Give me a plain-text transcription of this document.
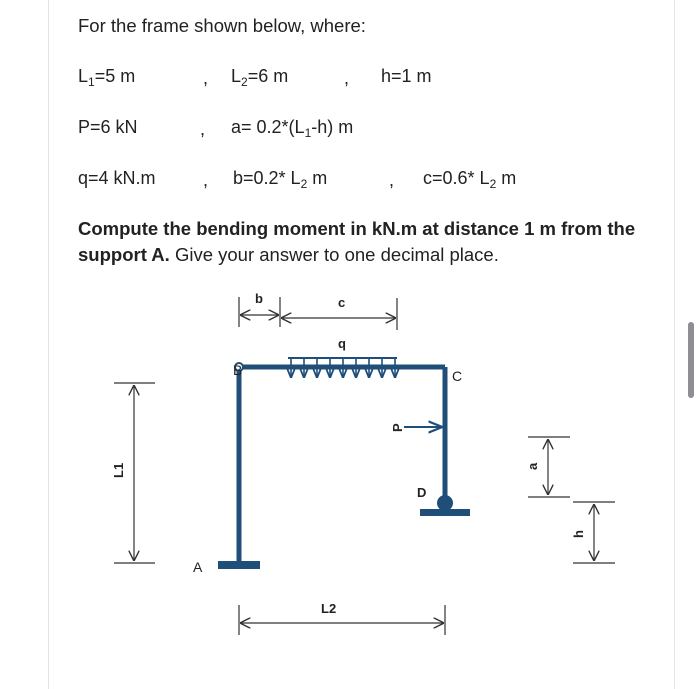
For the frame shown below, where:
$L_1=5$ m	, $L_2=6$ m	, h=1 m
P=6 kN	, $a= 0.2*(L_1-h)$ m
q=4 kN.m	, b=0.2* $L_2$ m	, c=0.6* $L_2$ m
Compute the bending moment in kN.m at distance 1 m from the support A. Give your answer to one decimal place.
b	c
q
B	C
D
A
P
L1
L2
a
h
